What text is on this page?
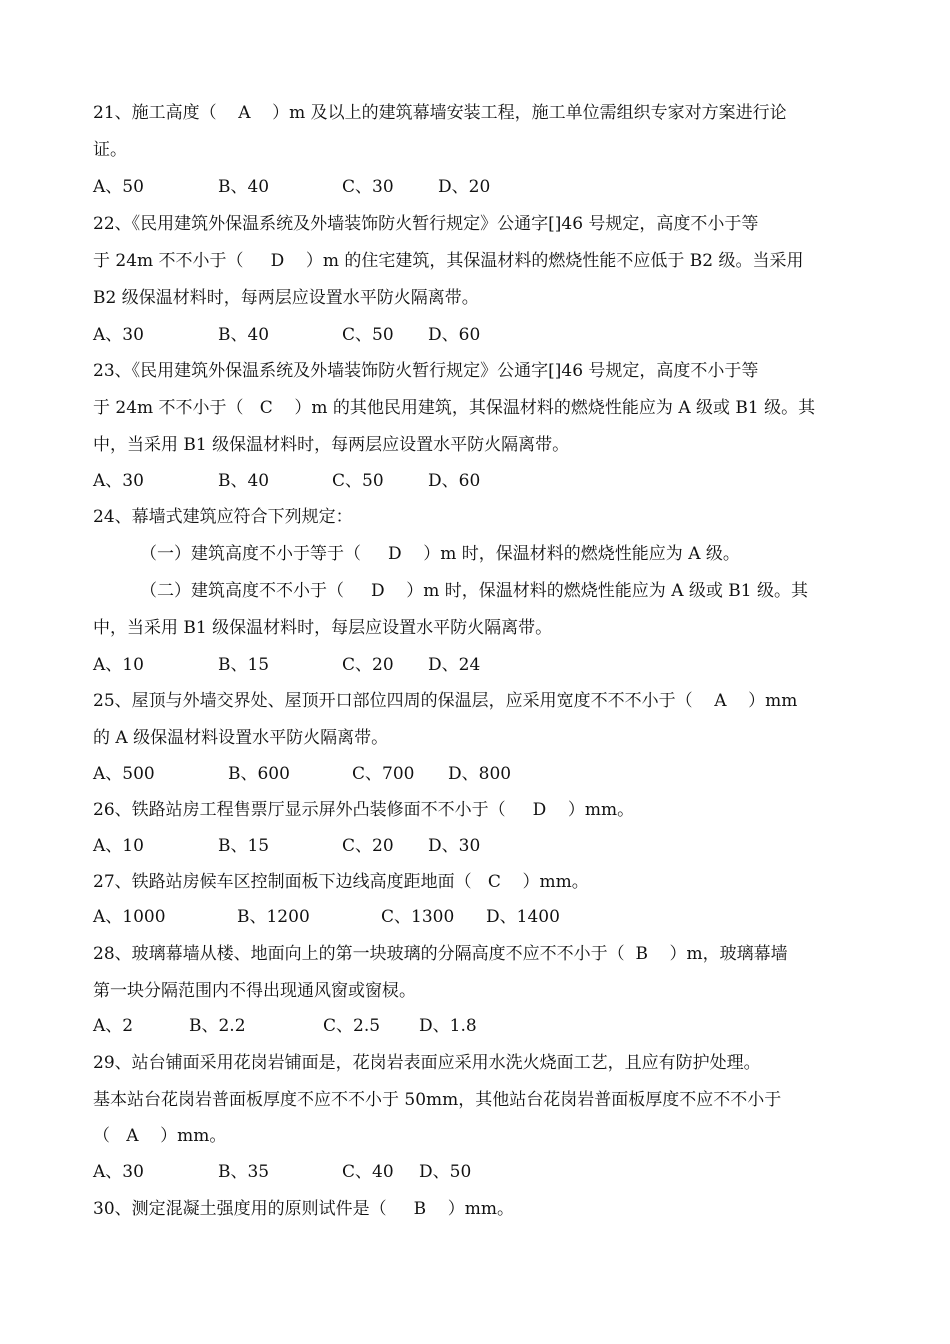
21、施工高度（    A    ）m 及以上的建筑幕墙安装工程，施工单位需组织专家对方案进行论
证。
A、50	B、40	C、30	D、20
22、《民用建筑外保温系统及外墙装饰防火暂行规定》公通字[]46 号规定，高度不小于等
于 24m 不不小于（     D    ）m 的住宅建筑，其保温材料的燃烧性能不应低于 B2 级。当采用
B2 级保温材料时，每两层应设置水平防火隔离带。
A、30	B、40	C、50 D、60
23、《民用建筑外保温系统及外墙装饰防火暂行规定》公通字[]46 号规定，高度不小于等
于 24m 不不小于（   C    ）m 的其他民用建筑，其保温材料的燃烧性能应为 A 级或 B1 级。其
中，当采用 B1 级保温材料时，每两层应设置水平防火隔离带。
A、30	B、40	C、50	D、60
24、幕墙式建筑应符合下列规定：
（一）建筑高度不小于等于（     D    ）m 时，保温材料的燃烧性能应为 A 级。
（二）建筑高度不不小于（     D    ）m 时，保温材料的燃烧性能应为 A 级或 B1 级。其
中，当采用 B1 级保温材料时，每层应设置水平防火隔离带。
A、10	B、15	C、20 D、24
25、屋顶与外墙交界处、屋顶开口部位四周的保温层，应采用宽度不不不小于（    A    ）mm
的 A 级保温材料设置水平防火隔离带。
A、500	B、600	C、700 D、800
26、铁路站房工程售票厅显示屏外凸装修面不不小于（     D    ）mm。
A、10	B、15	C、20 D、30
27、铁路站房候车区控制面板下边线高度距地面（   C    ）mm。
A、1000	B、1200	C、1300 D、1400
28、玻璃幕墙从楼、地面向上的第一块玻璃的分隔高度不应不不小于（  B    ）m，玻璃幕墙
第一块分隔范围内不得出现通风窗或窗棂。
A、2	B、2.2	C、2.5 D、1.8
29、站台铺面采用花岗岩铺面是，花岗岩表面应采用水洗火烧面工艺，且应有防护处理。
基本站台花岗岩普面板厚度不应不不小于 50mm，其他站台花岗岩普面板厚度不应不不小于
（   A    ）mm。
A、30	B、35	C、40 D、50
30、测定混凝土强度用的原则试件是（     B    ）mm。
